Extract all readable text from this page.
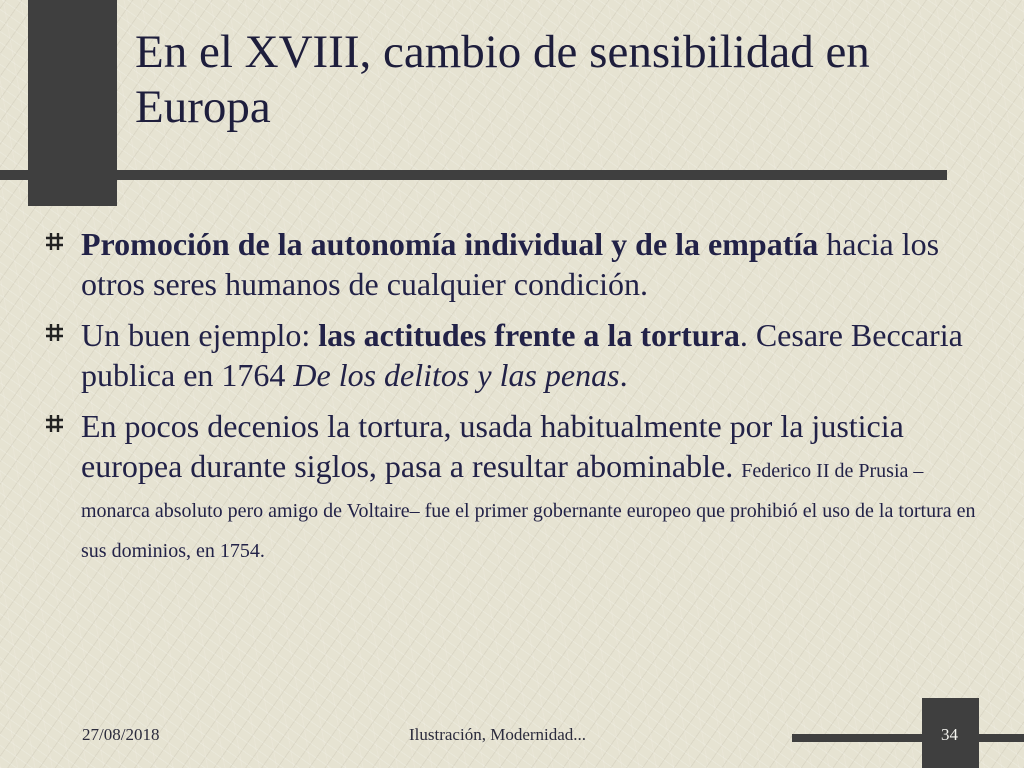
En el XVIII, cambio de sensibilidad en Europa
Promoción de la autonomía individual y de la empatía hacia los otros seres humanos de cualquier condición.
Un buen ejemplo: las actitudes frente a la tortura. Cesare Beccaria publica en 1764 De los delitos y las penas.
En pocos decenios la tortura, usada habitualmente por la justicia europea durante siglos, pasa a resultar abominable. Federico II de Prusia –monarca absoluto pero amigo de Voltaire– fue el primer gobernante europeo que prohibió el uso de la tortura en sus dominios, en 1754.
27/08/2018	Ilustración, Modernidad...	34
